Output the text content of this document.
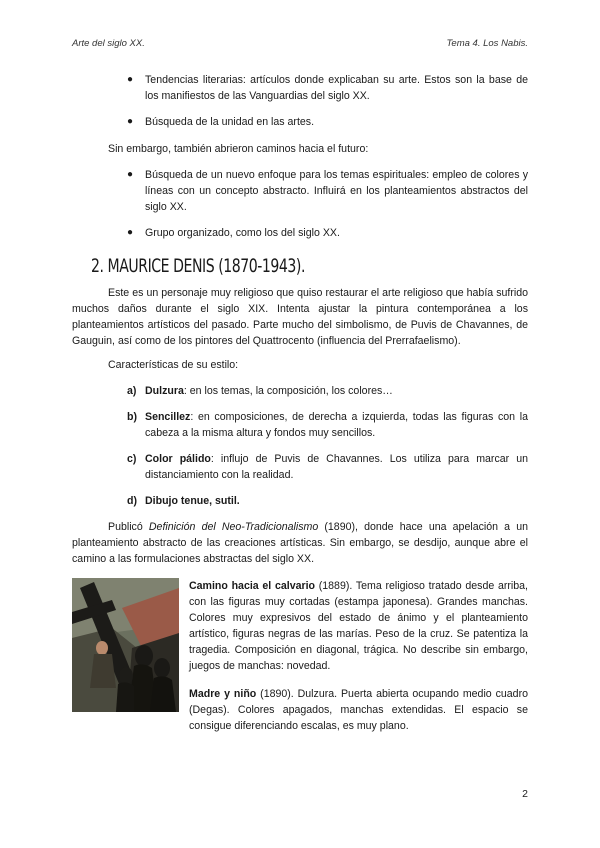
Arte del siglo XX.	Tema 4. Los Nabis.
● Tendencias literarias: artículos donde explicaban su arte. Estos son la base de los manifiestos de las Vanguardias del siglo XX.
● Búsqueda de la unidad en las artes.
Sin embargo, también abrieron caminos hacia el futuro:
● Búsqueda de un nuevo enfoque para los temas espirituales: empleo de colores y líneas con un concepto abstracto. Influirá en los planteamientos abstractos del siglo XX.
● Grupo organizado, como los del siglo XX.
2. MAURICE DENIS (1870-1943).
Este es un personaje muy religioso que quiso restaurar el arte religioso que había sufrido muchos daños durante el siglo XIX. Intenta ajustar la pintura contemporánea a los planteamientos artísticos del pasado. Parte mucho del simbolismo, de Puvis de Chavannes, de Gauguin, así como de los pintores del Quattrocento (influencia del Prerrafaelismo).
Características de su estilo:
a) Dulzura: en los temas, la composición, los colores…
b) Sencillez: en composiciones, de derecha a izquierda, todas las figuras con la cabeza a la misma altura y fondos muy sencillos.
c) Color pálido: influjo de Puvis de Chavannes. Los utiliza para marcar un distanciamiento con la realidad.
d) Dibujo tenue, sutil.
Publicó Definición del Neo-Tradicionalismo (1890), donde hace una apelación a un planteamiento abstracto de las creaciones artísticas. Sin embargo, se desdijo, aunque abre el camino a las formulaciones abstractas del siglo XX.
Camino hacia el calvario (1889). Tema religioso tratado desde arriba, con las figuras muy cortadas (estampa japonesa). Grandes manchas. Colores muy expresivos del estado de ánimo y el planteamiento artístico, figuras negras de las marías. Peso de la cruz. Se patentiza la tragedia. Composición en diagonal, trágica. No describe sin embargo, juegos de manchas: novedad.
Madre y niño (1890). Dulzura. Puerta abierta ocupando medio cuadro (Degas). Colores apagados, manchas extendidas. El espacio se consigue diferenciando escalas, es muy plano.
2
